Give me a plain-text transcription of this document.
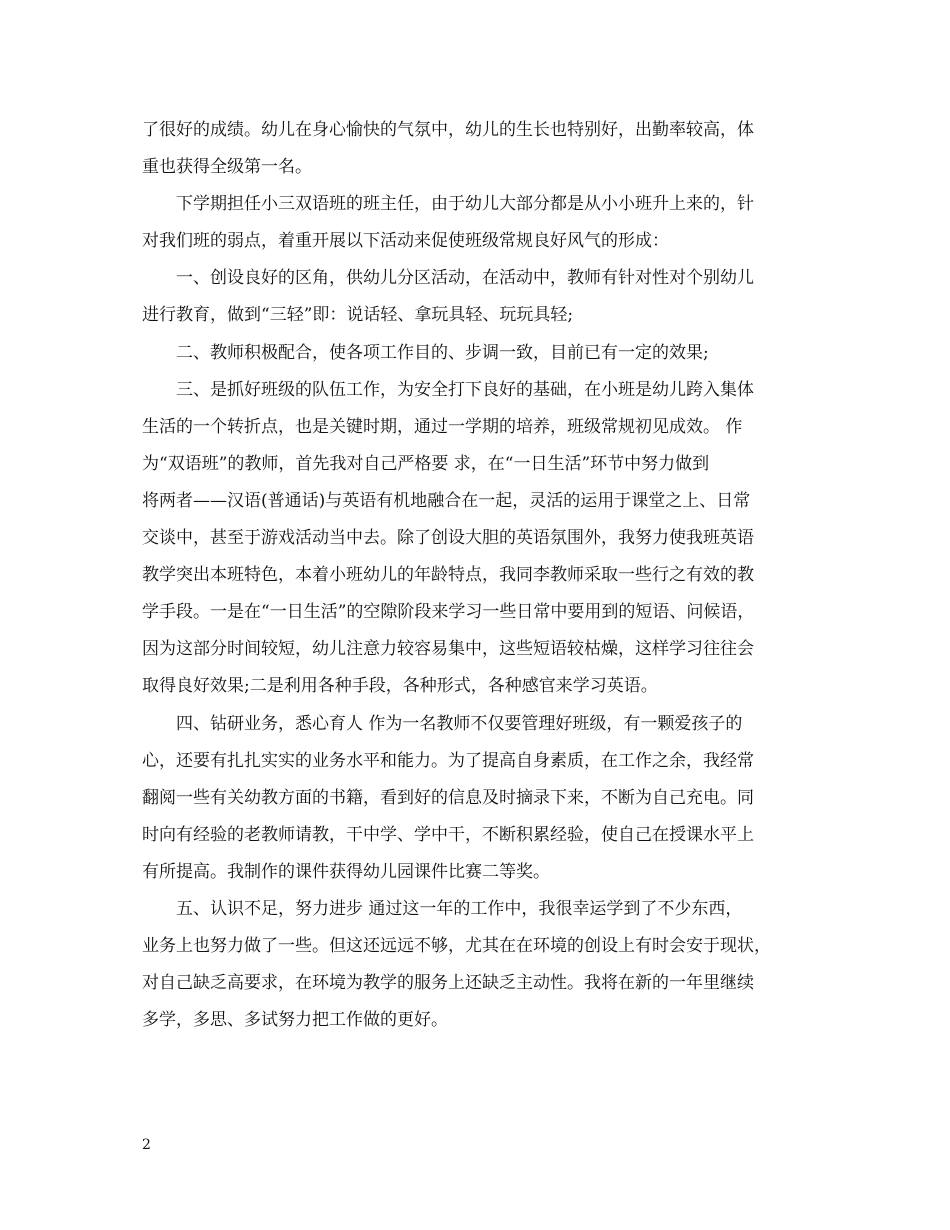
了很好的成绩。幼儿在身心愉快的气氛中，幼儿的生长也特别好，出勤率较高，体
重也获得全级第一名。
下学期担任小三双语班的班主任，由于幼儿大部分都是从小小班升上来的，针
对我们班的弱点，着重开展以下活动来促使班级常规良好风气的形成：
一、创设良好的区角，供幼儿分区活动，在活动中，教师有针对性对个别幼儿
进行教育，做到“三轻”即：说话轻、拿玩具轻、玩玩具轻;
二、教师积极配合，使各项工作目的、步调一致，目前已有一定的效果;
三、是抓好班级的队伍工作，为安全打下良好的基础，在小班是幼儿跨入集体
生活的一个转折点，也是关键时期，通过一学期的培养，班级常规初见成效。 作
为“双语班”的教师，首先我对自己严格要 求，在“一日生活”环节中努力做到
将两者——汉语(普通话)与英语有机地融合在一起，灵活的运用于课堂之上、日常
交谈中，甚至于游戏活动当中去。除了创设大胆的英语氛围外，我努力使我班英语
教学突出本班特色，本着小班幼儿的年龄特点，我同李教师采取一些行之有效的教
学手段。一是在“一日生活”的空隙阶段来学习一些日常中要用到的短语、问候语，
因为这部分时间较短，幼儿注意力较容易集中，这些短语较枯燥，这样学习往往会
取得良好效果;二是利用各种手段，各种形式，各种感官来学习英语。
四、钻研业务，悉心育人 作为一名教师不仅要管理好班级，有一颗爱孩子的
心，还要有扎扎实实的业务水平和能力。为了提高自身素质，在工作之余，我经常
翻阅一些有关幼教方面的书籍，看到好的信息及时摘录下来，不断为自己充电。同
时向有经验的老教师请教，干中学、学中干，不断积累经验，使自己在授课水平上
有所提高。我制作的课件获得幼儿园课件比赛二等奖。
五、认识不足，努力进步 通过这一年的工作中，我很幸运学到了不少东西，
业务上也努力做了一些。但这还远远不够，尤其在在环境的创设上有时会安于现状，
对自己缺乏高要求，在环境为教学的服务上还缺乏主动性。我将在新的一年里继续
多学，多思、多试努力把工作做的更好。
2
